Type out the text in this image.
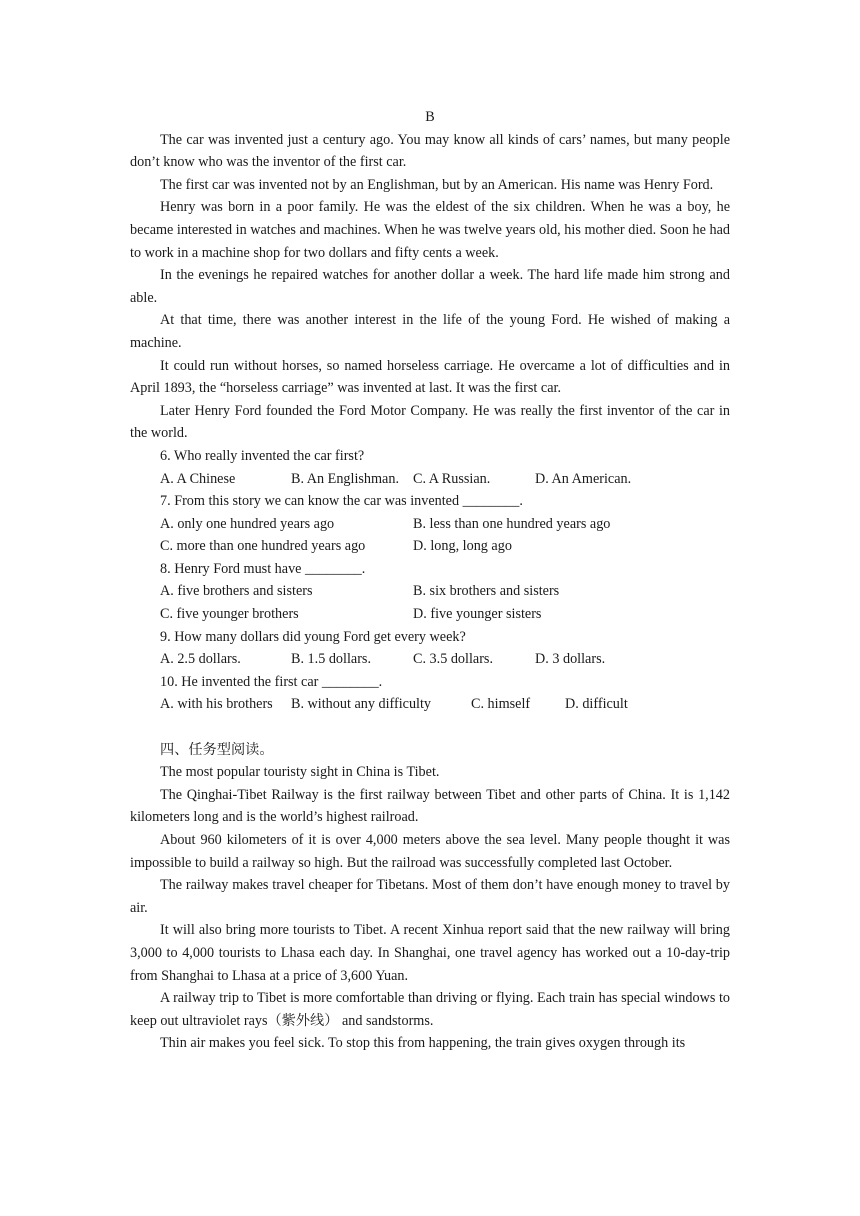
B

The car was invented just a century ago. You may know all kinds of cars’ names, but many people don’t know who was the inventor of the first car.

The first car was invented not by an Englishman, but by an American. His name was Henry Ford.

Henry was born in a poor family. He was the eldest of the six children. When he was a boy, he became interested in watches and machines. When he was twelve years old, his mother died. Soon he had to work in a machine shop for two dollars and fifty cents a week.

In the evenings he repaired watches for another dollar a week. The hard life made him strong and able.

At that time, there was another interest in the life of the young Ford. He wished of making a machine.

It could run without horses, so named horseless carriage. He overcame a lot of difficulties and in April 1893, the “horseless carriage” was invented at last. It was the first car.

Later Henry Ford founded the Ford Motor Company. He was really the first inventor of the car in the world.

6. Who really invented the car first?

A. A Chinese	B. An Englishman. C. A Russian.	D. An American.

7. From this story we can know the car was invented ________.

A. only one hundred years ago	B. less than one hundred years ago
C. more than one hundred years ago	D. long, long ago

8. Henry Ford must have ________.

A. five brothers and sisters	B. six brothers and sisters
C. five younger brothers	D. five younger sisters

9. How many dollars did young Ford get every week?

A. 2.5 dollars.	B. 1.5 dollars.	C. 3.5 dollars.	D. 3 dollars.

10. He invented the first car ________.

A. with his brothers B. without any difficulty	C. himself D. difficult

四、任务型阅读。

The most popular touristy sight in China is Tibet.

The Qinghai-Tibet Railway is the first railway between Tibet and other parts of China. It is 1,142 kilometers long and is the world’s highest railroad.

About 960 kilometers of it is over 4,000 meters above the sea level. Many people thought it was impossible to build a railway so high. But the railroad was successfully completed last October.

The railway makes travel cheaper for Tibetans. Most of them don’t have enough money to travel by air.

It will also bring more tourists to Tibet. A recent Xinhua report said that the new railway will bring 3,000 to 4,000 tourists to Lhasa each day. In Shanghai, one travel agency has worked out a 10-day-trip from Shanghai to Lhasa at a price of 3,600 Yuan.

A railway trip to Tibet is more comfortable than driving or flying. Each train has special windows to keep out ultraviolet rays（紫外线） and sandstorms.

Thin air makes you feel sick. To stop this from happening, the train gives oxygen through its
